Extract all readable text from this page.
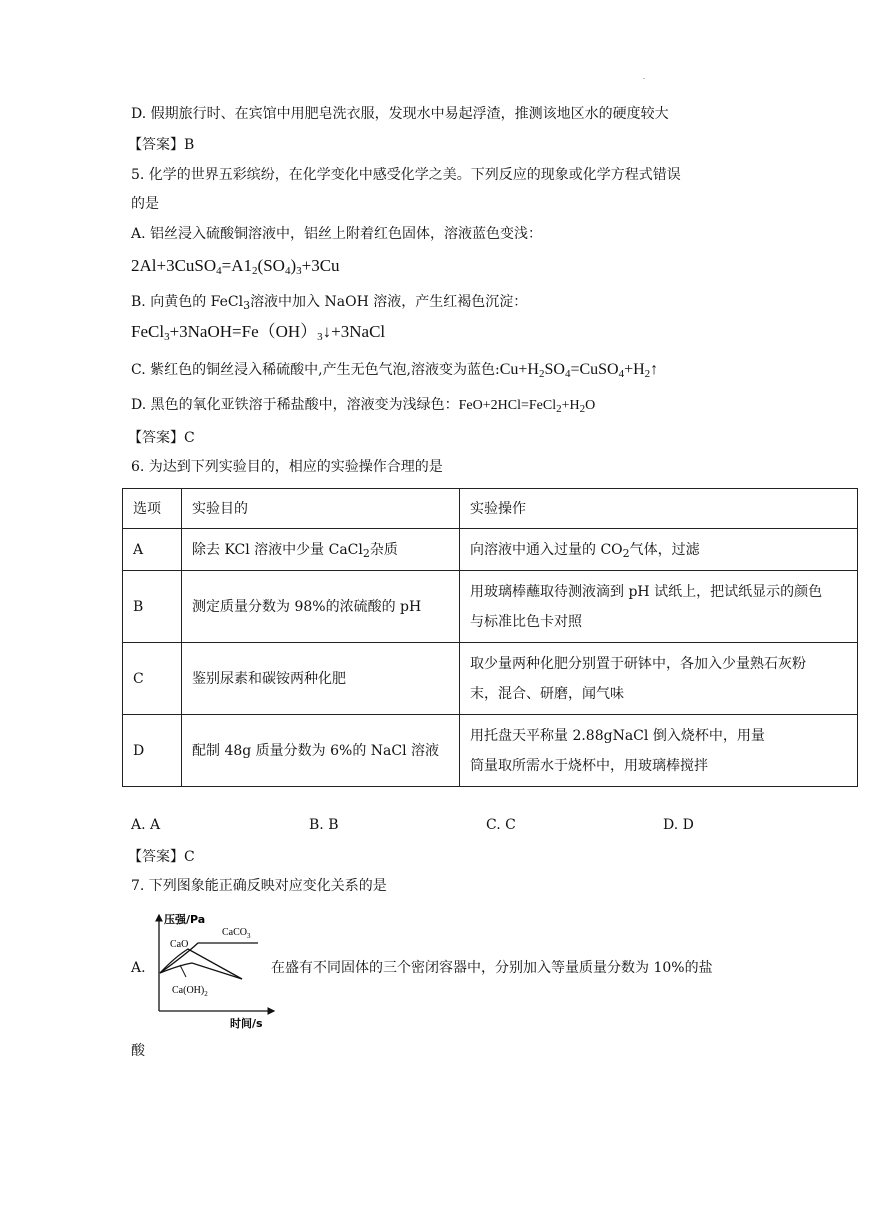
.
D. 假期旅行时、在宾馆中用肥皂洗衣服，发现水中易起浮渣，推测该地区水的硬度较大
【答案】B
5. 化学的世界五彩缤纷，在化学变化中感受化学之美。下列反应的现象或化学方程式错误
的是
A. 铝丝浸入硫酸铜溶液中，铝丝上附着红色固体，溶液蓝色变浅：
$2Al+3CuSO_4=A1_2(SO_4)_3+3Cu$
B. 向黄色的 FeCl$_3$溶液中加入 NaOH 溶液，产生红褐色沉淀：
$FeCl_3+3NaOH=Fe(OH)_3↓+3NaCl$
C. 紫红色的铜丝浸入稀硫酸中,产生无色气泡,溶液变为蓝色$:Cu+H_2SO_4=CuSO_4+H_2↑$
D. 黑色的氧化亚铁溶于稀盐酸中，溶液变为浅绿色：$FeO+2HCl=FeCl_2+H_2O$
【答案】C
6. 为达到下列实验目的，相应的实验操作合理的是
选项	实验目的	实验操作
A	除去 KCl 溶液中少量 CaCl$_2$杂质	向溶液中通入过量的 $CO_2$气体，过滤
B	测定质量分数为 98%的浓硫酸的 pH	用玻璃棒蘸取待测液滴到 pH 试纸上，把试纸显示的颜色
与标准比色卡对照

C	鉴别尿素和碳铵两种化肥	取少量两种化肥分别置于研钵中，各加入少量熟石灰粉
末，混合、研磨，闻气味

D	配制 48g 质量分数为 6%的 NaCl 溶液	用托盘天平称量 2.88gNaCl 倒入烧杯中，用量
筒量取所需水于烧杯中，用玻璃棒搅拌
A. A	B. B	C. C	D. D
【答案】C
7. 下列图象能正确反映对应变化关系的是
A.
压强/Pa
时间/s
CaCO$_3$
CaO
$Ca(OH)_2$
在盛有不同固体的三个密闭容器中，分别加入等量质量分数为 10%的盐
酸
